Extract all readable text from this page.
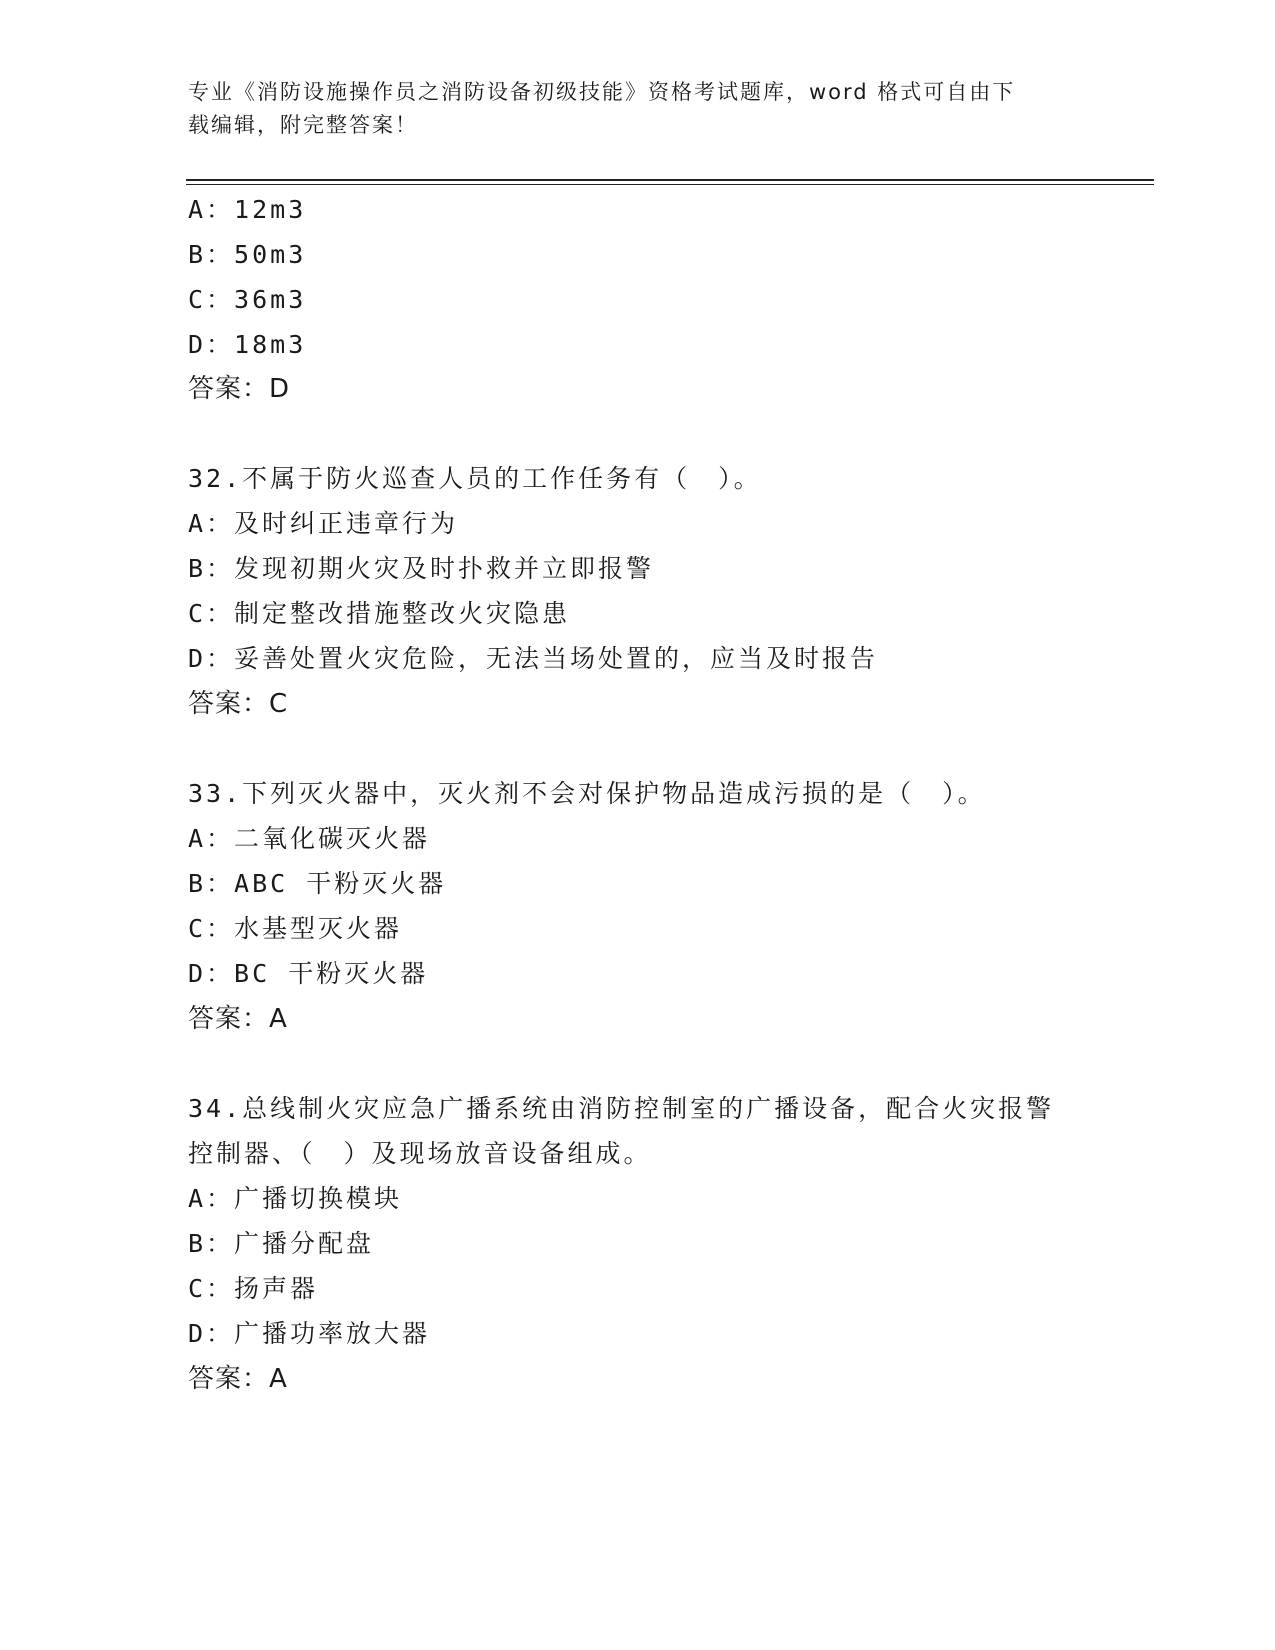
专业《消防设施操作员之消防设备初级技能》资格考试题库，word 格式可自由下
载编辑，附完整答案！
A：12m3
B：50m3
C：36m3
D：18m3
答案：D
32.不属于防火巡查人员的工作任务有（　）。
A：及时纠正违章行为
B：发现初期火灾及时扑救并立即报警
C：制定整改措施整改火灾隐患
D：妥善处置火灾危险，无法当场处置的，应当及时报告
答案：C
33.下列灭火器中，灭火剂不会对保护物品造成污损的是（　）。
A：二氧化碳灭火器
B：ABC 干粉灭火器
C：水基型灭火器
D：BC 干粉灭火器
答案：A
34.总线制火灾应急广播系统由消防控制室的广播设备，配合火灾报警
控制器、（　）及现场放音设备组成。
A：广播切换模块
B：广播分配盘
C：扬声器
D：广播功率放大器
答案：A
